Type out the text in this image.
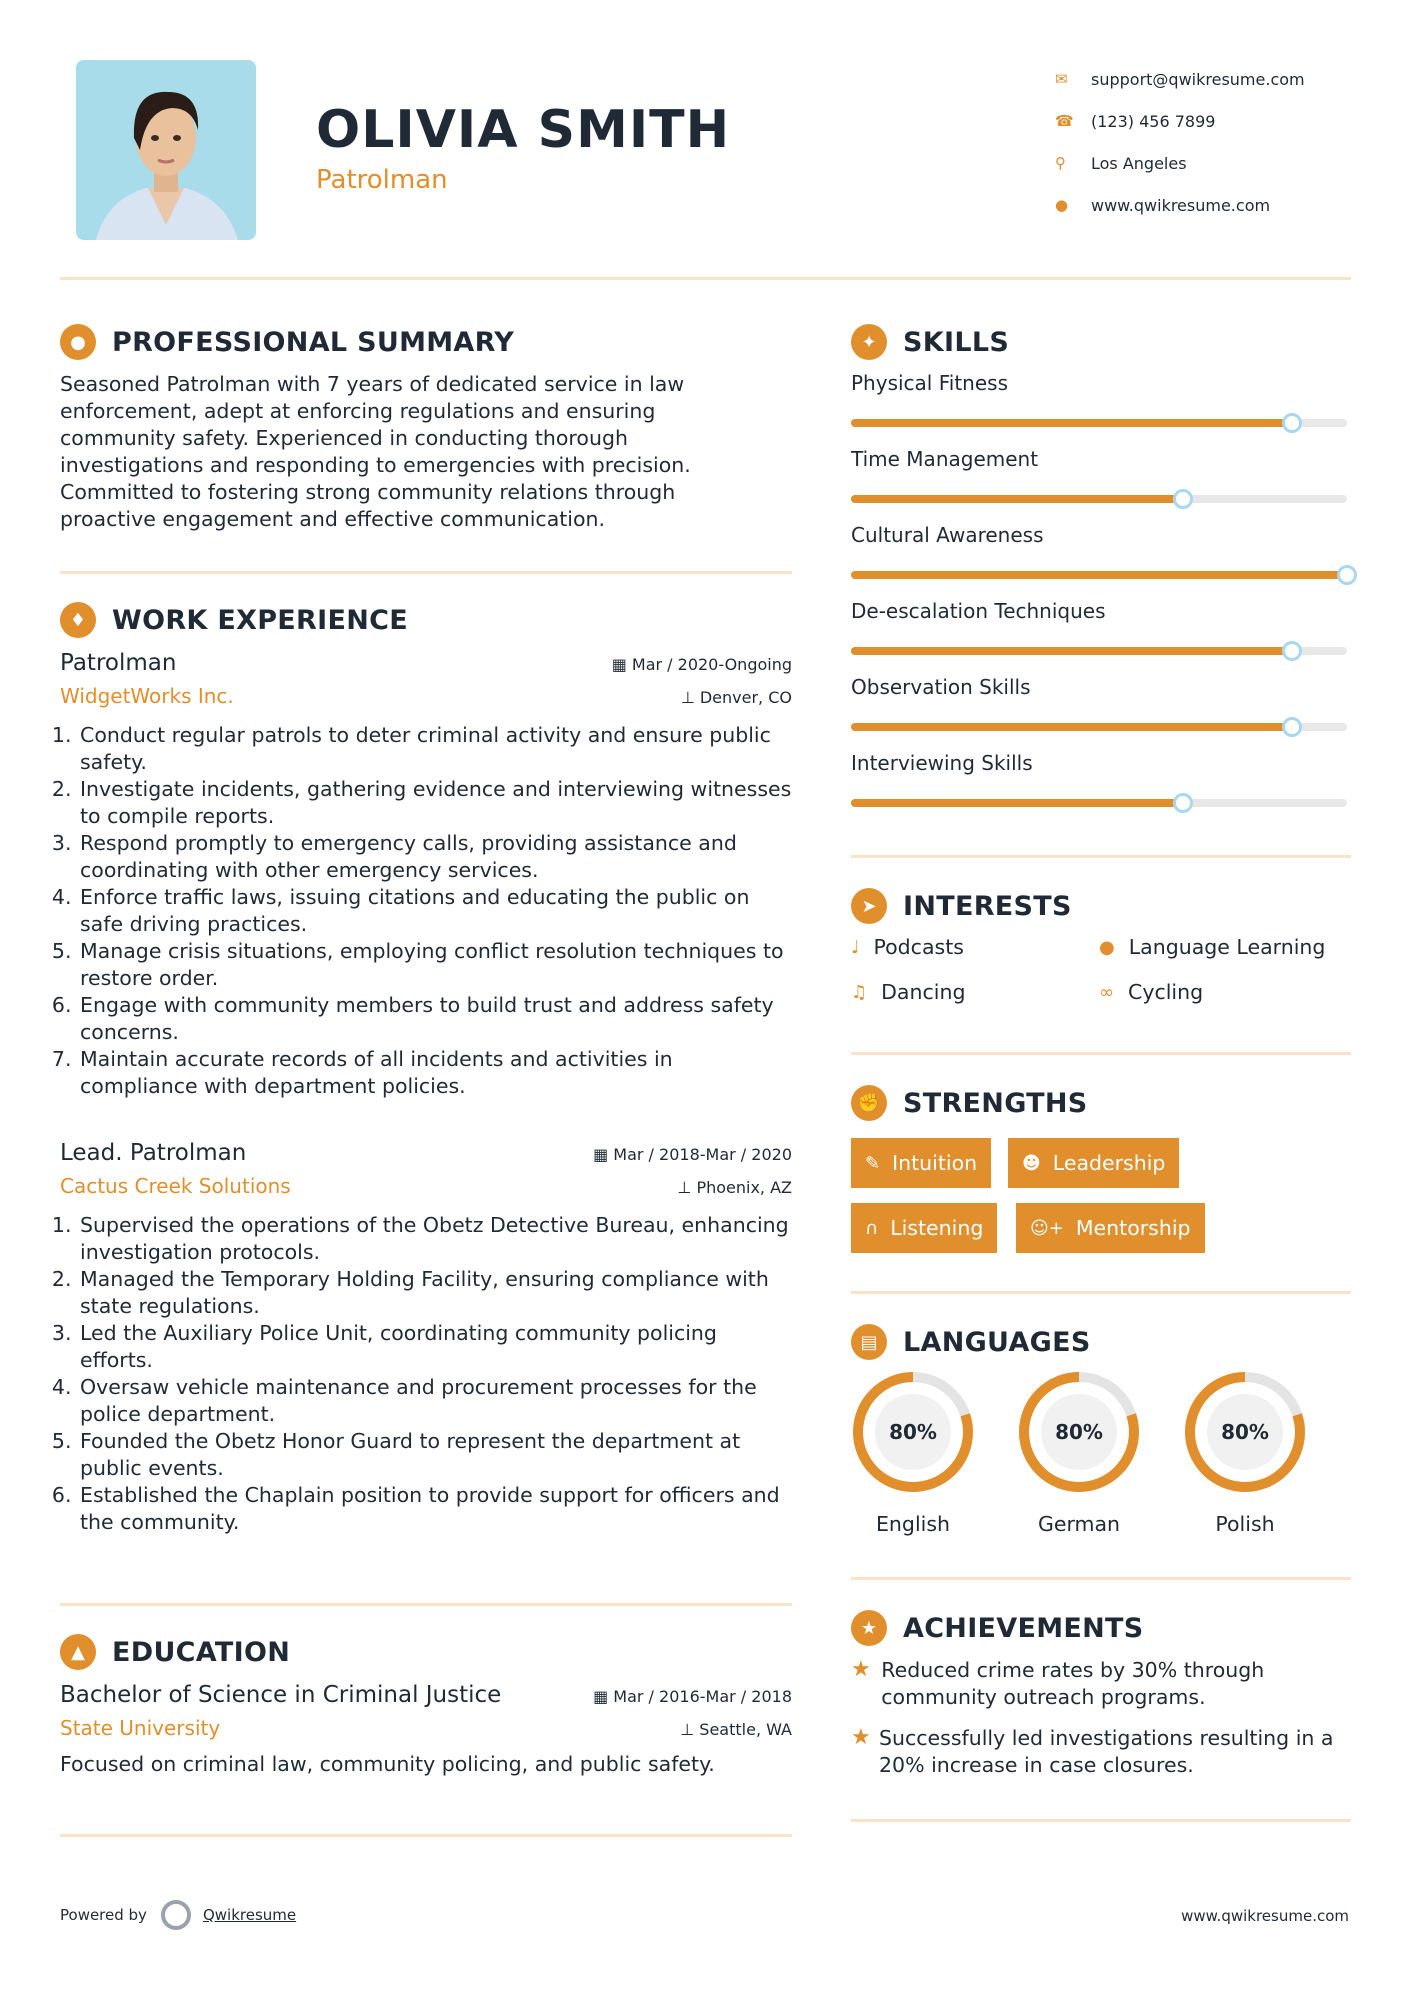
OLIVIA SMITH
Patrolman
✉	support@qwikresume.com
☎	(123) 456 7899
⚲	Los Angeles
●	www.qwikresume.com
● PROFESSIONAL SUMMARY
Seasoned Patrolman with 7 years of dedicated service in law
enforcement, adept at enforcing regulations and ensuring
community safety. Experienced in conducting thorough
investigations and responding to emergencies with precision.
Committed to fostering strong community relations through
proactive engagement and effective communication.
♦ WORK EXPERIENCE
Patrolman	▦ Mar / 2020-Ongoing
WidgetWorks Inc.	⊥ Denver, CO
1. Conduct regular patrols to deter criminal activity and ensure public safety.
2. Investigate incidents, gathering evidence and interviewing witnesses to compile reports.
3. Respond promptly to emergency calls, providing assistance and coordinating with other emergency services.
4. Enforce traffic laws, issuing citations and educating the public on safe driving practices.
5. Manage crisis situations, employing conflict resolution techniques to restore order.
6. Engage with community members to build trust and address safety concerns.
7. Maintain accurate records of all incidents and activities in compliance with department policies.
Lead. Patrolman	▦ Mar / 2018-Mar / 2020
Cactus Creek Solutions	⊥ Phoenix, AZ
1. Supervised the operations of the Obetz Detective Bureau, enhancing investigation protocols.
2. Managed the Temporary Holding Facility, ensuring compliance with state regulations.
3. Led the Auxiliary Police Unit, coordinating community policing efforts.
4. Oversaw vehicle maintenance and procurement processes for the police department.
5. Founded the Obetz Honor Guard to represent the department at public events.
6. Established the Chaplain position to provide support for officers and the community.
▲	EDUCATION
Bachelor of Science in Criminal Justice	▦ Mar / 2016-Mar / 2018
State University	⊥ Seattle, WA
Focused on criminal law, community policing, and public safety.
✦ SKILLS
Physical Fitness
Time Management
Cultural Awareness
De-escalation Techniques
Observation Skills
Interviewing Skills
➤ INTERESTS
♩ Podcasts	● Language Learning
♫ Dancing	∞ Cycling
✊ STRENGTHS
✎ Intuition ☻ Leadership
∩ Listening	☺+ Mentorship
▤ LANGUAGES
80%
English
80%
German
80%
Polish
★ ACHIEVEMENTS
★ Reduced crime rates by 30% through community outreach programs.
★ Successfully led investigations resulting in a 20% increase in case closures.
Powered by	Qwikresume	www.qwikresume.com
